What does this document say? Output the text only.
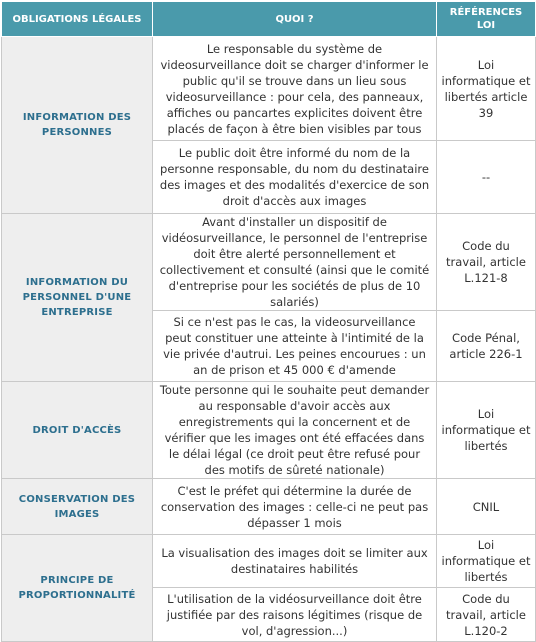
OBLIGATIONS LÉGALES	QUOI ?	RÉFÉRENCES LOI
INFORMATION DES PERSONNES	Le responsable du système de videosurveillance doit se charger d'informer le public qu'il se trouve dans un lieu sous videosurveillance : pour cela, des panneaux, affiches ou pancartes explicites doivent être placés de façon à être bien visibles par tous	Loi informatique et libertés article 39
	Le public doit être informé du nom de la personne responsable, du nom du destinataire des images et des modalités d'exercice de son droit d'accès aux images	--
INFORMATION DU PERSONNEL D'UNE ENTREPRISE	Avant d'installer un dispositif de vidéosurveillance, le personnel de l'entreprise doit être alerté personnellement et collectivement et consulté (ainsi que le comité d'entreprise pour les sociétés de plus de 10 salariés)	Code du travail, article L.121-8
	Si ce n'est pas le cas, la videosurveillance peut constituer une atteinte à l'intimité de la vie privée d'autrui. Les peines encourues : un an de prison et 45 000 € d'amende	Code Pénal, article 226-1
DROIT D'ACCÈS	Toute personne qui le souhaite peut demander au responsable d'avoir accès aux enregistrements qui la concernent et de vérifier que les images ont été effacées dans le délai légal (ce droit peut être refusé pour des motifs de sûreté nationale)	Loi informatique et libertés
CONSERVATION DES IMAGES	C'est le préfet qui détermine la durée de conservation des images : celle-ci ne peut pas dépasser 1 mois	CNIL
PRINCIPE DE PROPORTIONNALITÉ	La visualisation des images doit se limiter aux destinataires habilités	Loi informatique et libertés
	L'utilisation de la vidéosurveillance doit être justifiée par des raisons légitimes (risque de vol, d'agression...)	Code du travail, article L.120-2
